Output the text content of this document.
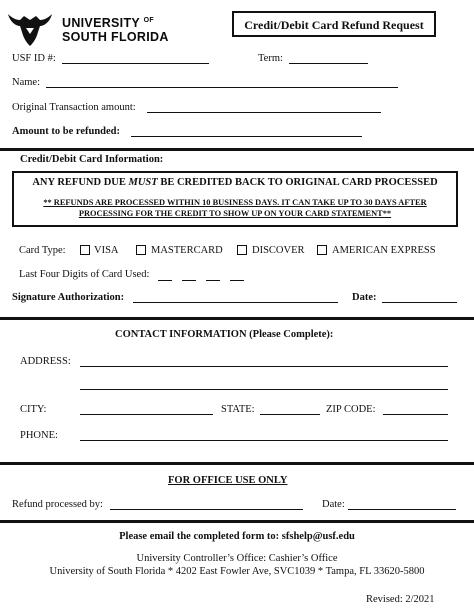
UNIVERSITY $^{OF}$
SOUTH FLORIDA
Credit/Debit Card Refund Request
USF ID #:	Term:
Name:
Original Transaction amount:
Amount to be refunded:
Credit/Debit Card Information:
ANY REFUND DUE MUST BE CREDITED BACK TO ORIGINAL CARD PROCESSED
** REFUNDS ARE PROCESSED WITHIN 10 BUSINESS DAYS. IT CAN TAKE UP TO 30 DAYS AFTER
PROCESSING FOR THE CREDIT TO SHOW UP ON YOUR CARD STATEMENT**
Card Type:	VISA	MASTERCARD	DISCOVER	AMERICAN EXPRESS
Last Four Digits of Card Used:
Signature Authorization:	Date:
CONTACT INFORMATION (Please Complete):
ADDRESS:
CITY:	STATE:	ZIP CODE:
PHONE:
FOR OFFICE USE ONLY
Refund processed by:	Date:
Please email the completed form to: sfshelp@usf.edu
University Controller’s Office: Cashier’s Office
University of South Florida * 4202 East Fowler Ave, SVC1039 * Tampa, FL 33620-5800
Revised: 2/2021
